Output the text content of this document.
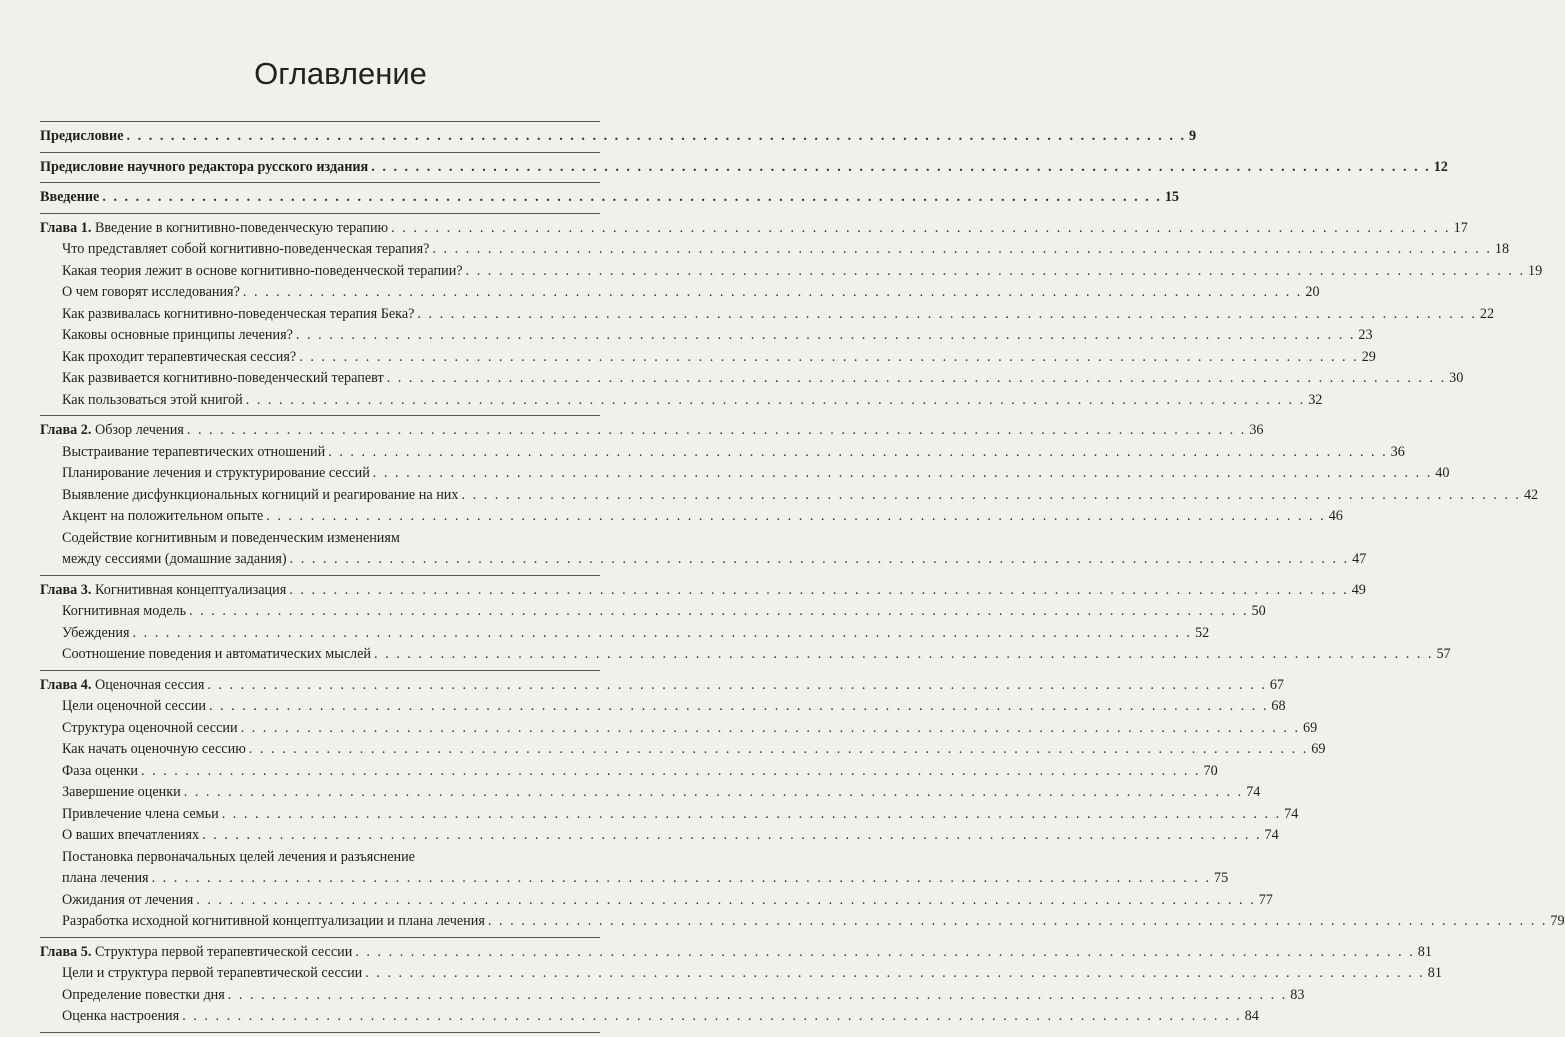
Оглавление
Предисловие . . .	9
Предисловие научного редактора русского издания . . .	12
Введение . . .	15
Глава 1. Введение в когнитивно-поведенческую терапию . . .	17
Что представляет собой когнитивно-поведенческая терапия? . . .	18
Какая теория лежит в основе когнитивно-поведенческой терапии? . . .	19
О чем говорят исследования? . . .	20
Как развивалась когнитивно-поведенческая терапия Бека? . . .	22
Каковы основные принципы лечения? . . .	23
Как проходит терапевтическая сессия? . . .	29
Как развивается когнитивно-поведенческий терапевт . . .	30
Как пользоваться этой книгой . . .	32
Глава 2. Обзор лечения . . .	36
Выстраивание терапевтических отношений . . .	36
Планирование лечения и структурирование сессий . . .	40
Выявление дисфункциональных когниций и реагирование на них . . .	42
Акцент на положительном опыте . . .	46
Содействие когнитивным и поведенческим изменениям
между сессиями (домашние задания) . . .	47
Глава 3. Когнитивная концептуализация . . .	49
Когнитивная модель . . .	50
Убеждения . . .	52
Соотношение поведения и автоматических мыслей . . .	57
Глава 4. Оценочная сессия . . .	67
Цели оценочной сессии . . .	68
Структура оценочной сессии . . .	69
Как начать оценочную сессию . . .	69
Фаза оценки . . .	70
Завершение оценки . . .	74
Привлечение члена семьи . . .	74
О ваших впечатлениях . . .	74
Постановка первоначальных целей лечения и разъяснение
плана лечения . . .	75
Ожидания от лечения . . .	77
Разработка исходной когнитивной концептуализации и плана лечения . . .	79
Глава 5. Структура первой терапевтической сессии . . .	81
Цели и структура первой терапевтической сессии . . .	81
Определение повестки дня . . .	83
Оценка настроения . . .	84
